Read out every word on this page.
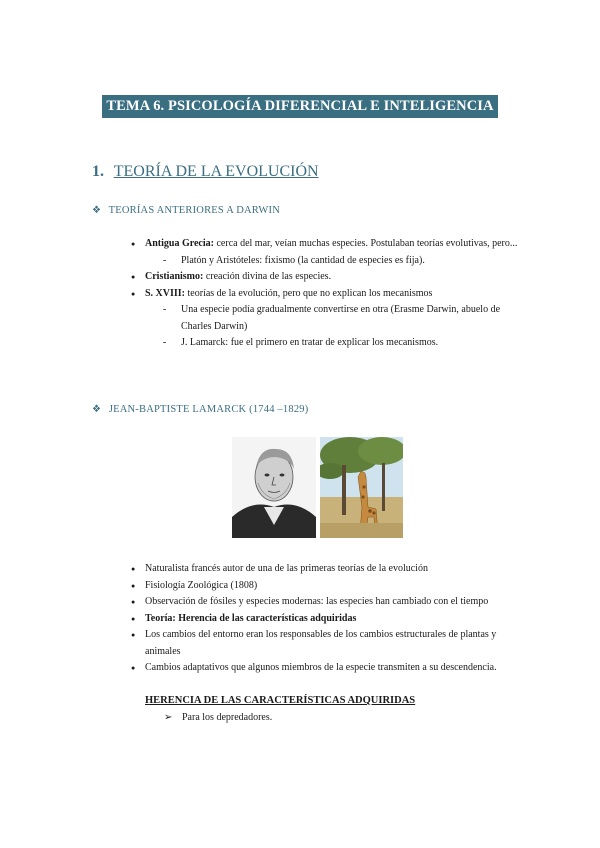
TEMA 6. PSICOLOGÍA DIFERENCIAL E INTELIGENCIA
1. TEORÍA DE LA EVOLUCIÓN
❖ TEORÍAS ANTERIORES A DARWIN
● Antigua Grecia: cerca del mar, veían muchas especies. Postulaban teorías evolutivas, pero...
- Platón y Aristóteles: fixismo (la cantidad de especies es fija).
● Cristianismo: creación divina de las especies.
● S. XVIII: teorías de la evolución, pero que no explican los mecanismos
- Una especie podía gradualmente convertirse en otra (Erasme Darwin, abuelo de Charles Darwin)
- J. Lamarck: fue el primero en tratar de explicar los mecanismos.
❖ JEAN-BAPTISTE LAMARCK (1744 –1829)
● Naturalista francés autor de una de las primeras teorías de la evolución
● Fisiología Zoológica (1808)
● Observación de fósiles y especies modernas: las especies han cambiado con el tiempo
● Teoría: Herencia de las características adquiridas
● Los cambios del entorno eran los responsables de los cambios estructurales de plantas y animales
● Cambios adaptativos que algunos miembros de la especie transmiten a su descendencia.
HERENCIA DE LAS CARACTERÍSTICAS ADQUIRIDAS
➢ Para los depredadores.
